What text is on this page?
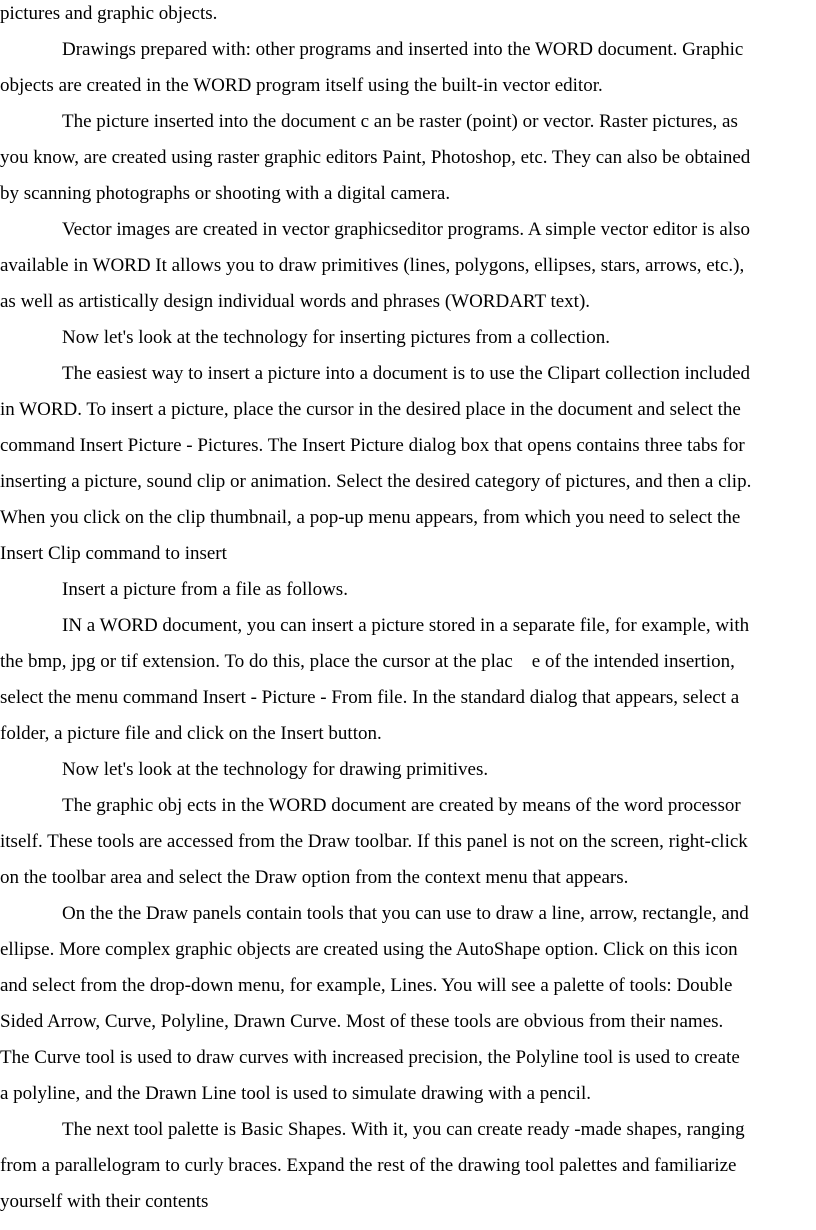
pictures and graphic objects.
Drawings prepared with: other programs and inserted into the WORD document. Graphic
objects are created in the WORD program itself using the built-in vector editor.
The picture inserted into the document c an be raster (point) or vector. Raster pictures, as
you know, are created using raster graphic editors Paint, Photoshop, etc. They can also be obtained
by scanning photographs or shooting with a digital camera.
Vector images are created in vector graphicseditor programs. A simple vector editor is also
available in WORD It allows you to draw primitives (lines, polygons, ellipses, stars, arrows, etc.),
as well as artistically design individual words and phrases (WORDART text).
Now let's look at the technology for inserting pictures from a collection.
The easiest way to insert a picture into a document is to use the Clipart collection included
in WORD. To insert a picture, place the cursor in the desired place in the document and select the
command Insert Picture - Pictures. The Insert Picture dialog box that opens contains three tabs for
inserting a picture, sound clip or animation. Select the desired category of pictures, and then a clip.
When you click on the clip thumbnail, a pop-up menu appears, from which you need to select the
Insert Clip command to insert
Insert a picture from a file as follows.
IN a WORD document, you can insert a picture stored in a separate file, for example, with
the bmp, jpg or tif extension. To do this, place the cursor at the plac    e of the intended insertion,
select the menu command Insert - Picture - From file. In the standard dialog that appears, select a
folder, a picture file and click on the Insert button.
Now let's look at the technology for drawing primitives.
The graphic obj ects in the WORD document are created by means of the word processor
itself. These tools are accessed from the Draw toolbar. If this panel is not on the screen, right-click
on the toolbar area and select the Draw option from the context menu that appears.
On the the Draw panels contain tools that you can use to draw a line, arrow, rectangle, and
ellipse. More complex graphic objects are created using the AutoShape option. Click on this icon
and select from the drop-down menu, for example, Lines. You will see a palette of tools: Double
Sided Arrow, Curve, Polyline, Drawn Curve. Most of these tools are obvious from their names.
The Curve tool is used to draw curves with increased precision, the Polyline tool is used to create
a polyline, and the Drawn Line tool is used to simulate drawing with a pencil.
The next tool palette is Basic Shapes. With it, you can create ready -made shapes, ranging
from a parallelogram to curly braces. Expand the rest of the drawing tool palettes and familiarize
yourself with their contents
